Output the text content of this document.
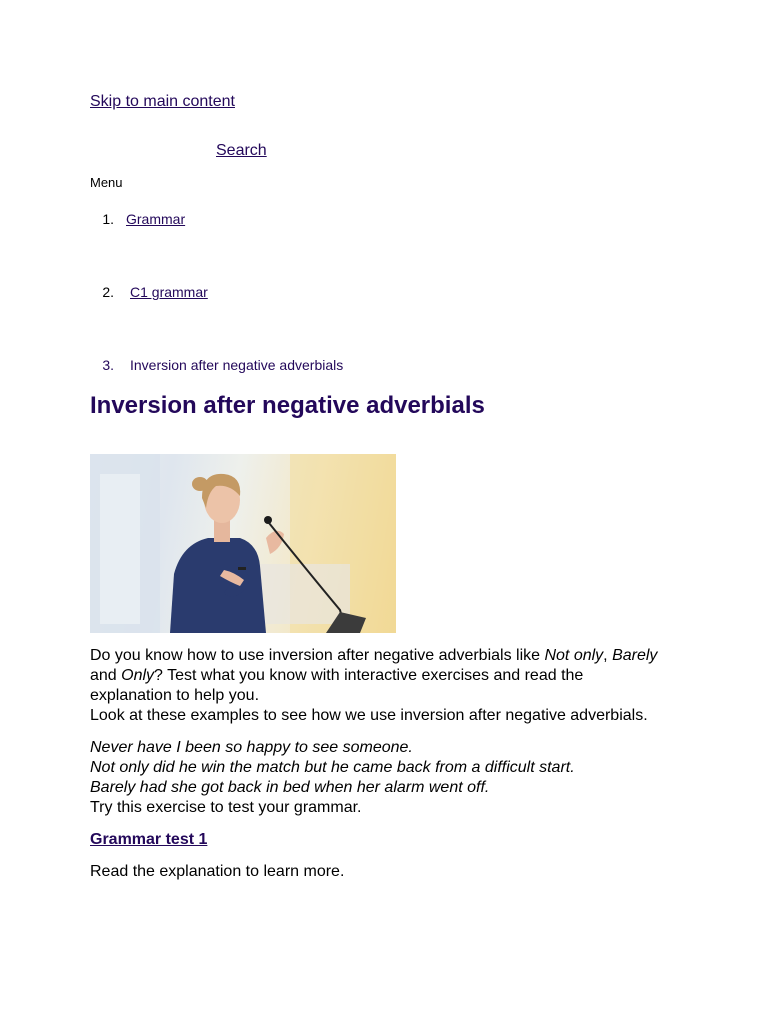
Skip to main content
Search
Menu
1. Grammar
2. C1 grammar
3. Inversion after negative adverbials
Inversion after negative adverbials

Do you know how to use inversion after negative adverbials like Not only, Barely and Only? Test what you know with interactive exercises and read the explanation to help you.
Look at these examples to see how we use inversion after negative adverbials.

Never have I been so happy to see someone.
Not only did he win the match but he came back from a difficult start.
Barely had she got back in bed when her alarm went off.

Try this exercise to test your grammar.

Grammar test 1

Read the explanation to learn more.
